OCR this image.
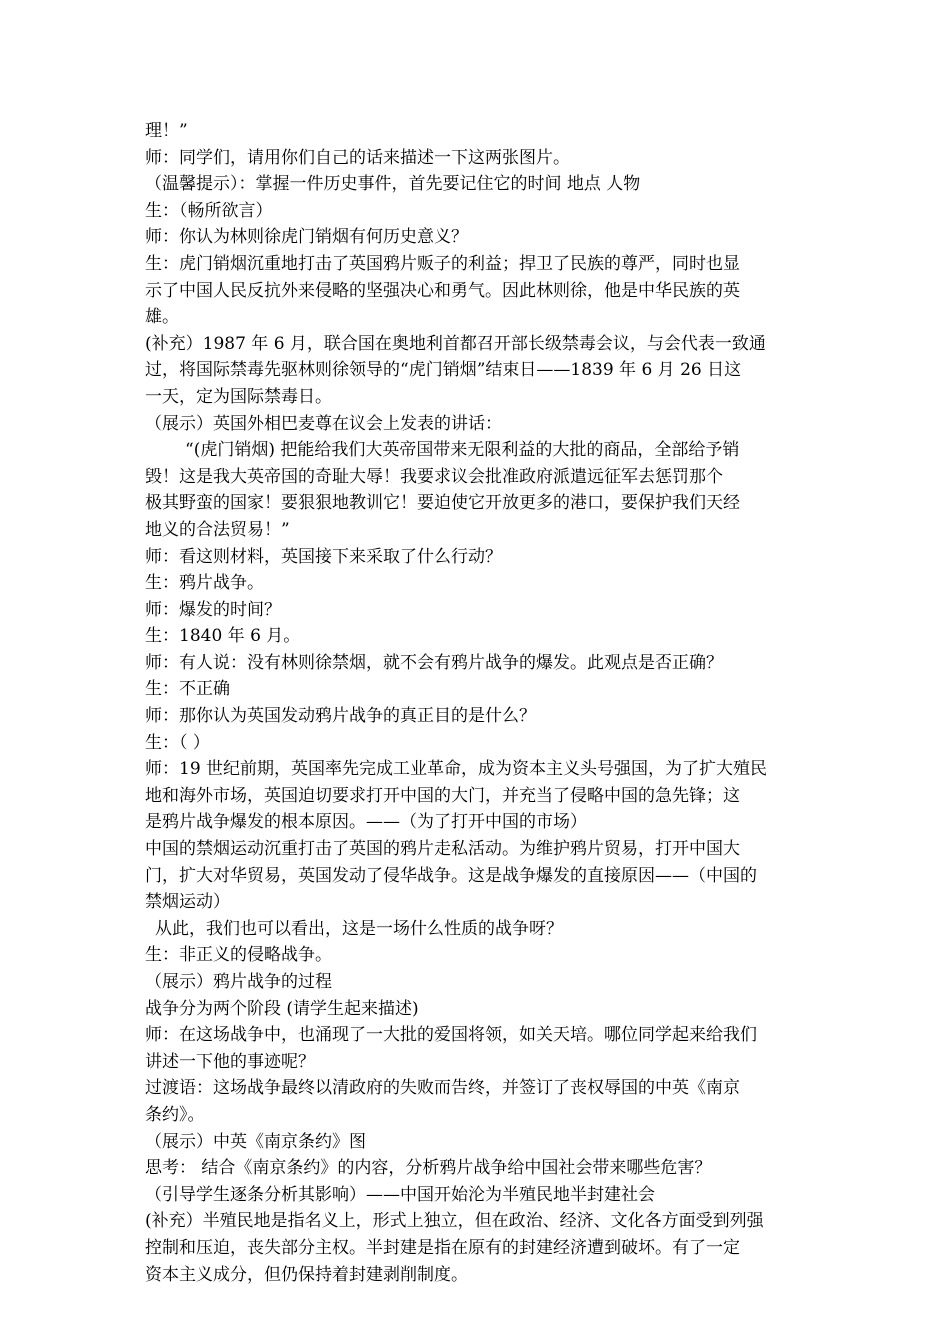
理！”

师：同学们，请用你们自己的话来描述一下这两张图片。

（温馨提示）：掌握一件历史事件，首先要记住它的时间 地点 人物

生：（畅所欲言）

师：你认为林则徐虎门销烟有何历史意义？

生：虎门销烟沉重地打击了英国鸦片贩子的利益；捍卫了民族的尊严，同时也显

示了中国人民反抗外来侵略的坚强决心和勇气。因此林则徐，他是中华民族的英

雄。

(补充）1987 年 6 月，联合国在奥地利首都召开部长级禁毒会议，与会代表一致通

过，将国际禁毒先驱林则徐领导的“虎门销烟”结束日——1839 年 6 月 26 日这

一天，定为国际禁毒日。

（展示）英国外相巴麦尊在议会上发表的讲话：

“(虎门销烟) 把能给我们大英帝国带来无限利益的大批的商品，全部给予销

毁！这是我大英帝国的奇耻大辱！我要求议会批准政府派遣远征军去惩罚那个

极其野蛮的国家！要狠狠地教训它！要迫使它开放更多的港口，要保护我们天经

地义的合法贸易！”

师：看这则材料，英国接下来采取了什么行动？

生：鸦片战争。

师：爆发的时间？

生：1840 年 6 月。

师：有人说：没有林则徐禁烟，就不会有鸦片战争的爆发。此观点是否正确？

生：不正确

师：那你认为英国发动鸦片战争的真正目的是什么？

生：（ ）

师：19 世纪前期，英国率先完成工业革命，成为资本主义头号强国，为了扩大殖民

地和海外市场，英国迫切要求打开中国的大门，并充当了侵略中国的急先锋；这

是鸦片战争爆发的根本原因。——（为了打开中国的市场）

中国的禁烟运动沉重打击了英国的鸦片走私活动。为维护鸦片贸易，打开中国大

门，扩大对华贸易，英国发动了侵华战争。这是战争爆发的直接原因——（中国的

禁烟运动）

从此，我们也可以看出，这是一场什么性质的战争呀？

生：非正义的侵略战争。

（展示）鸦片战争的过程

战争分为两个阶段 (请学生起来描述)

师：在这场战争中，也涌现了一大批的爱国将领，如关天培。哪位同学起来给我们

讲述一下他的事迹呢？

过渡语：这场战争最终以清政府的失败而告终，并签订了丧权辱国的中英《南京

条约》。

（展示）中英《南京条约》图

思考： 结合《南京条约》的内容，分析鸦片战争给中国社会带来哪些危害？

（引导学生逐条分析其影响）——中国开始沦为半殖民地半封建社会

(补充）半殖民地是指名义上，形式上独立，但在政治、经济、文化各方面受到列强

控制和压迫，丧失部分主权。半封建是指在原有的封建经济遭到破坏。有了一定

资本主义成分，但仍保持着封建剥削制度。
